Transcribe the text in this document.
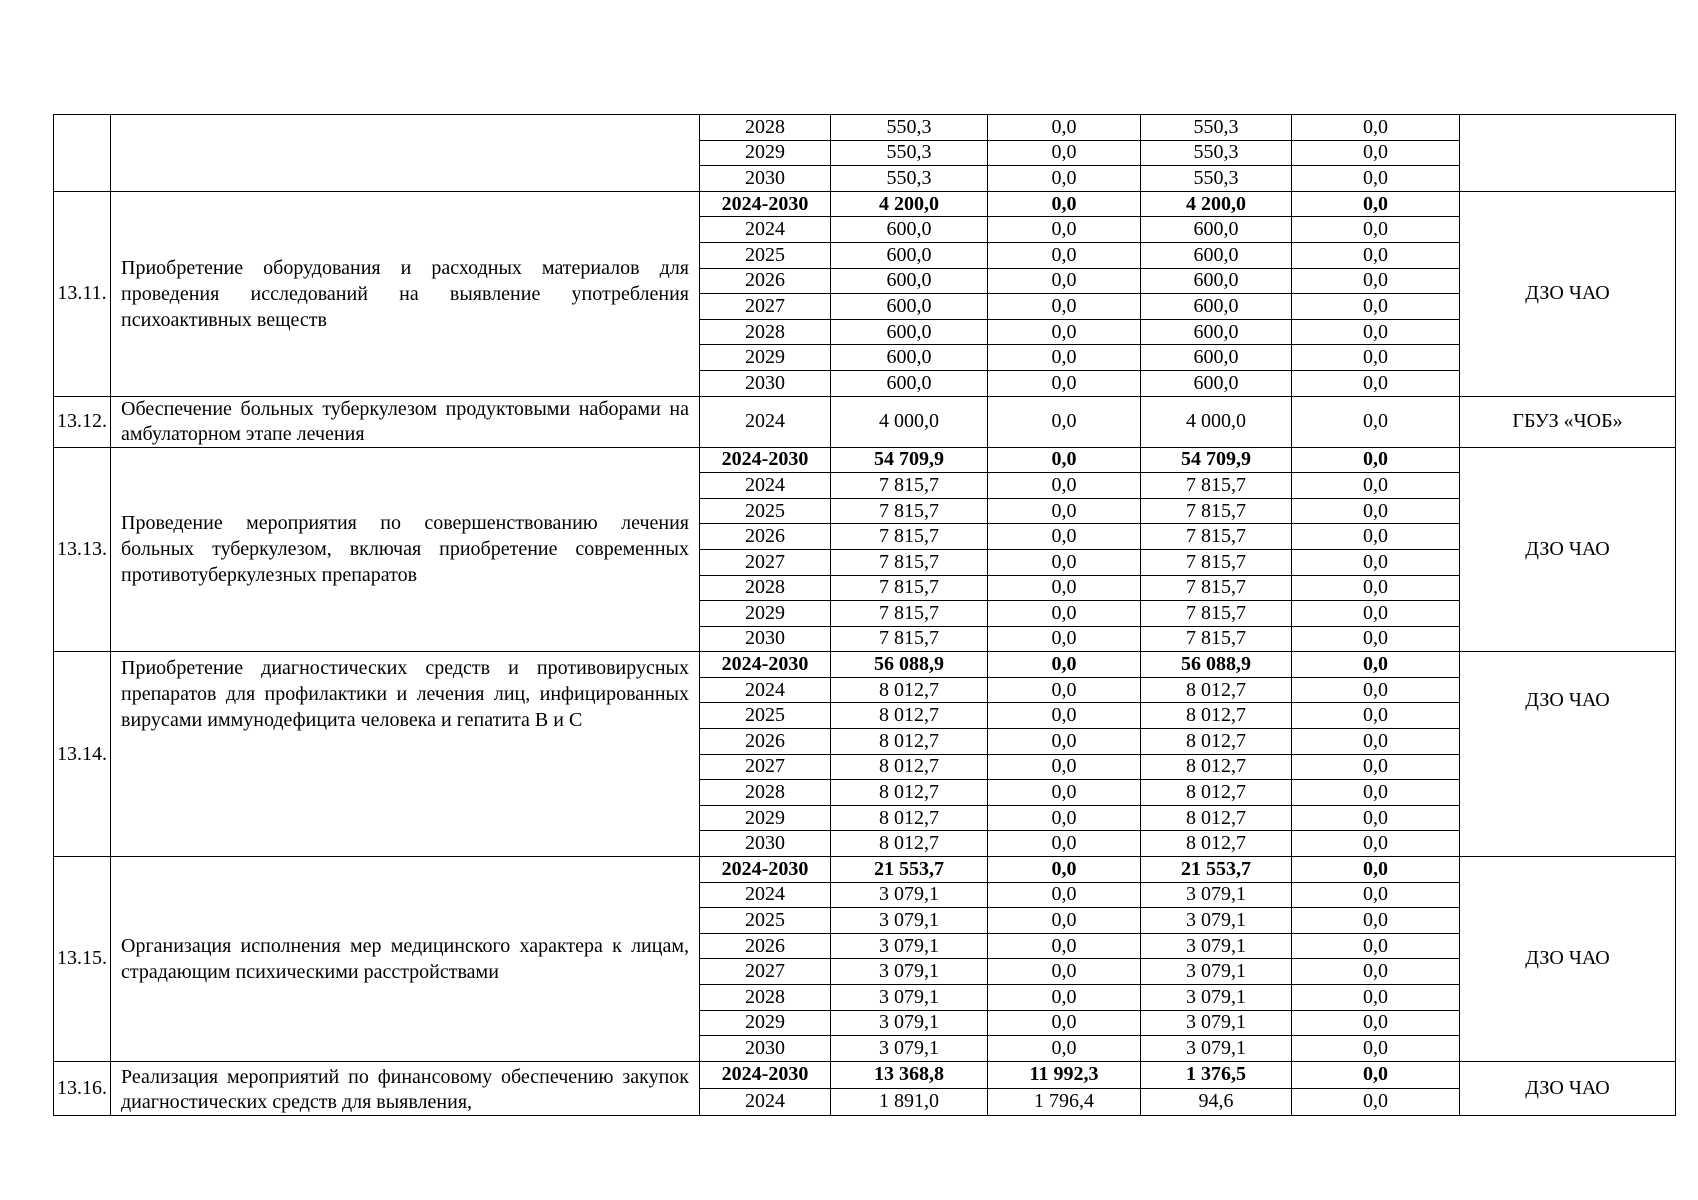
		2028	550,3	0,0	550,3	0,0	
		2029	550,3	0,0	550,3	0,0	
		2030	550,3	0,0	550,3	0,0	
13.11.	Приобретение оборудования и расходных материалов для проведения исследований на выявление употребления психоактивных веществ	2024-2030	4 200,0	0,0	4 200,0	0,0	ДЗО ЧАО
		2024	600,0	0,0	600,0	0,0	
		2025	600,0	0,0	600,0	0,0	
		2026	600,0	0,0	600,0	0,0	
		2027	600,0	0,0	600,0	0,0	
		2028	600,0	0,0	600,0	0,0	
		2029	600,0	0,0	600,0	0,0	
		2030	600,0	0,0	600,0	0,0	
13.12.	Обеспечение больных туберкулезом продуктовыми наборами на амбулаторном этапе лечения	2024	4 000,0	0,0	4 000,0	0,0	ГБУЗ «ЧОБ»
13.13.	Проведение мероприятия по совершенствованию лечения больных туберкулезом, включая приобретение современных противотуберкулезных препаратов	2024-2030	54 709,9	0,0	54 709,9	0,0	ДЗО ЧАО
		2024	7 815,7	0,0	7 815,7	0,0	
		2025	7 815,7	0,0	7 815,7	0,0	
		2026	7 815,7	0,0	7 815,7	0,0	
		2027	7 815,7	0,0	7 815,7	0,0	
		2028	7 815,7	0,0	7 815,7	0,0	
		2029	7 815,7	0,0	7 815,7	0,0	
		2030	7 815,7	0,0	7 815,7	0,0	
13.14.	Приобретение диагностических средств и противовирусных препаратов для профилактики и лечения лиц, инфицированных вирусами иммунодефицита человека и гепатита B и C	2024-2030	56 088,9	0,0	56 088,9	0,0	ДЗО ЧАО
		2024	8 012,7	0,0	8 012,7	0,0	
		2025	8 012,7	0,0	8 012,7	0,0	
		2026	8 012,7	0,0	8 012,7	0,0	
		2027	8 012,7	0,0	8 012,7	0,0	
		2028	8 012,7	0,0	8 012,7	0,0	
		2029	8 012,7	0,0	8 012,7	0,0	
		2030	8 012,7	0,0	8 012,7	0,0	
13.15.	Организация исполнения мер медицинского характера к лицам, страдающим психическими расстройствами	2024-2030	21 553,7	0,0	21 553,7	0,0	ДЗО ЧАО
		2024	3 079,1	0,0	3 079,1	0,0	
		2025	3 079,1	0,0	3 079,1	0,0	
		2026	3 079,1	0,0	3 079,1	0,0	
		2027	3 079,1	0,0	3 079,1	0,0	
		2028	3 079,1	0,0	3 079,1	0,0	
		2029	3 079,1	0,0	3 079,1	0,0	
		2030	3 079,1	0,0	3 079,1	0,0	
13.16.	Реализация мероприятий по финансовому обеспечению закупок диагностических средств для выявления,	2024-2030	13 368,8	11 992,3	1 376,5	0,0	ДЗО ЧАО
		2024	1 891,0	1 796,4	94,6	0,0	
